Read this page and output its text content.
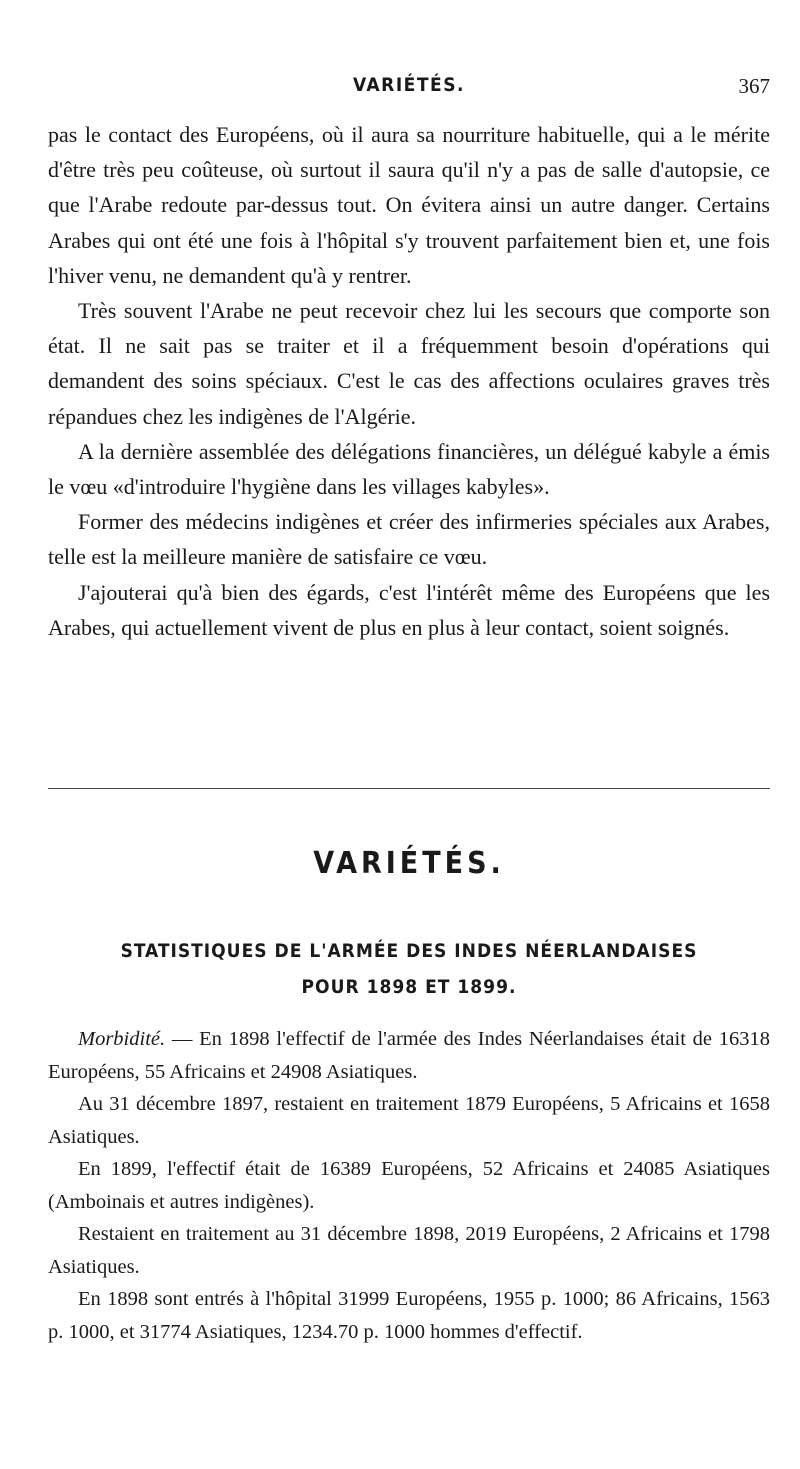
VARIÉTÉS.	367

pas le contact des Européens, où il aura sa nourriture habituelle, qui a le mérite d'être très peu coûteuse, où surtout il saura qu'il n'y a pas de salle d'autopsie, ce que l'Arabe redoute par-dessus tout. On évitera ainsi un autre danger. Certains Arabes qui ont été une fois à l'hôpital s'y trouvent parfaitement bien et, une fois l'hiver venu, ne demandent qu'à y rentrer.

Très souvent l'Arabe ne peut recevoir chez lui les secours que comporte son état. Il ne sait pas se traiter et il a fréquemment besoin d'opérations qui demandent des soins spéciaux. C'est le cas des affections oculaires graves très répandues chez les indigènes de l'Algérie.

A la dernière assemblée des délégations financières, un délégué kabyle a émis le vœu «d'introduire l'hygiène dans les villages kabyles».

Former des médecins indigènes et créer des infirmeries spéciales aux Arabes, telle est la meilleure manière de satisfaire ce vœu.

J'ajouterai qu'à bien des égards, c'est l'intérêt même des Européens que les Arabes, qui actuellement vivent de plus en plus à leur contact, soient soignés.

VARIÉTÉS.
STATISTIQUES DE L'ARMÉE DES INDES NÉERLANDAISES
POUR 1898 ET 1899.

Morbidité. — En 1898 l'effectif de l'armée des Indes Néerlandaises était de 16318 Européens, 55 Africains et 24908 Asiatiques.

Au 31 décembre 1897, restaient en traitement 1879 Européens, 5 Africains et 1658 Asiatiques.

En 1899, l'effectif était de 16389 Européens, 52 Africains et 24085 Asiatiques (Amboinais et autres indigènes).

Restaient en traitement au 31 décembre 1898, 2019 Européens, 2 Africains et 1798 Asiatiques.

En 1898 sont entrés à l'hôpital 31999 Européens, 1955 p. 1000; 86 Africains, 1563 p. 1000, et 31774 Asiatiques, 1234.70 p. 1000 hommes d'effectif.
